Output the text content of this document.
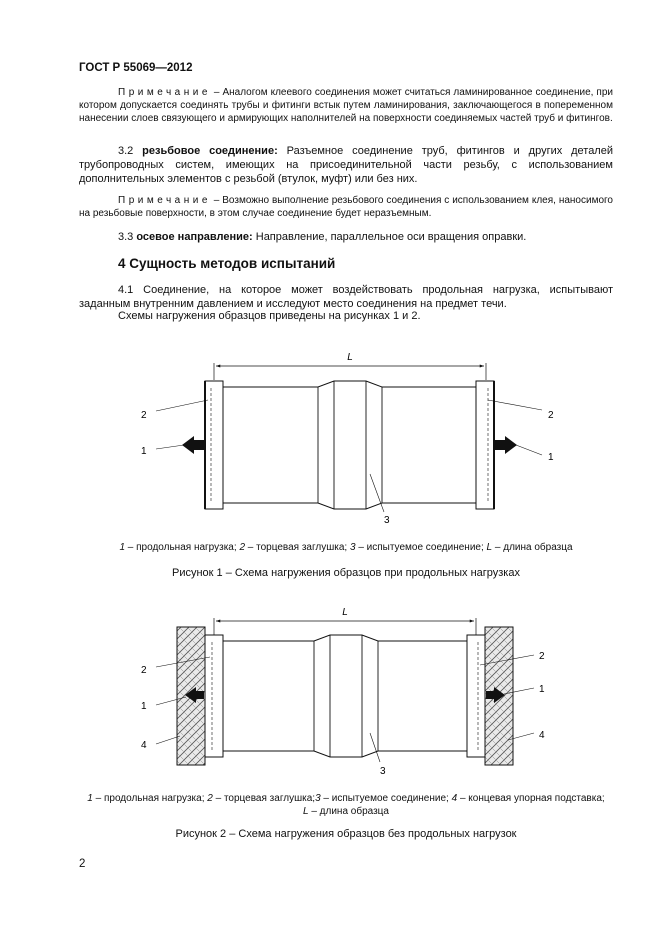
ГОСТ Р 55069—2012
Примечание – Аналогом клеевого соединения может считаться ламинированное соединение, при котором допускается соединять трубы и фитинги встык путем ламинирования, заключающегося в попеременном нанесении слоев связующего и армирующих наполнителей на поверхности соединяемых частей труб и фитингов.
3.2 резьбовое соединение: Разъемное соединение труб, фитингов и других деталей трубопроводных систем, имеющих на присоединительной части резьбу, с использованием дополнительных элементов с резьбой (втулок, муфт) или без них.
Примечание – Возможно выполнение резьбового соединения с использованием клея, наносимого на резьбовые поверхности, в этом случае соединение будет неразъемным.
3.3 осевое направление: Направление, параллельное оси вращения оправки.
4 Сущность методов испытаний
4.1 Соединение, на которое может воздействовать продольная нагрузка, испытывают заданным внутренним давлением и исследуют место соединения на предмет течи.
Схемы нагружения образцов приведены на рисунках 1 и 2.
L
2	2
1
1
3
1 – продольная нагрузка; 2 – торцевая заглушка; 3 – испытуемое соединение; L – длина образца
Рисунок 1 – Схема нагружения образцов при продольных нагрузках
L
2
1
4
2
1
4
3
1 – продольная нагрузка; 2 – торцевая заглушка;3 – испытуемое соединение; 4 – концевая упорная подставка;
L – длина образца
Рисунок 2 – Схема нагружения образцов без продольных нагрузок
2
